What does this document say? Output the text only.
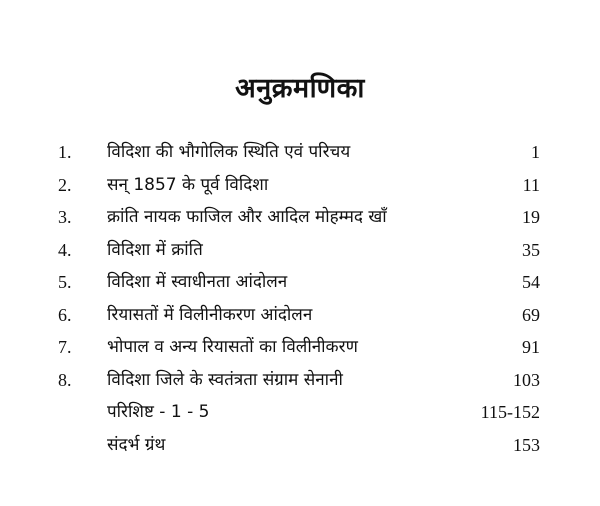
अनुक्रमणिका
1. विदिशा की भौगोलिक स्थिति एवं परिचय	1
2. सन् 1857 के पूर्व विदिशा	11
3. क्रांति नायक फाजिल और आदिल मोहम्मद खाँ	19
4. विदिशा में क्रांति	35
5. विदिशा में स्वाधीनता आंदोलन	54
6. रियासतों में विलीनीकरण आंदोलन	69
7. भोपाल व अन्य रियासतों का विलीनीकरण	91
8. विदिशा जिले के स्वतंत्रता संग्राम सेनानी	103
परिशिष्ट - 1 - 5	115-152
संदर्भ ग्रंथ	153
